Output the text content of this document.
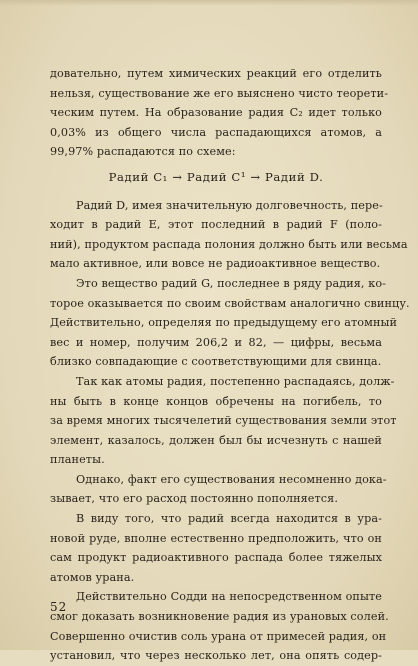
довательно, путем химических реакций его отделить
нельзя, существование же его выяснено чисто теорети-
ческим путем. На образование радия C₂ идет только
0,03% из общего числа распадающихся атомов, а
99,97% распадаются по схеме:
Радий C₁ → Радий C¹ → Радий D.
Радий D, имея значительную долговечность, пере-
ходит в радий E, этот последний в радий F (поло-
ний), продуктом распада полония должно быть или весьма
мало активное, или вовсе не радиоактивное вещество.
Это вещество радий G, последнее в ряду радия, ко-
торое оказывается по своим свойствам аналогично свинцу.
Действительно, определяя по предыдущему его атомный
вес и номер, получим 206,2 и 82, — цифры, весьма
близко совпадающие с соответствующими для свинца.
Так как атомы радия, постепенно распадаясь, долж-
ны быть в конце концов обречены на погибель, то
за время многих тысячелетий существования земли этот
элемент, казалось, должен был бы исчезнуть с нашей
планеты.
Однако, факт его существования несомненно дока-
зывает, что его расход постоянно пополняется.
В виду того, что радий всегда находится в ура-
новой руде, вполне естественно предположить, что он
сам продукт радиоактивного распада более тяжелых
атомов урана.
Действительно Содди на непосредственном опыте
смог доказать возникновение радия из урановых солей.
Совершенно очистив соль урана от примесей радия, он
установил, что через несколько лет, она опять содер-
52
